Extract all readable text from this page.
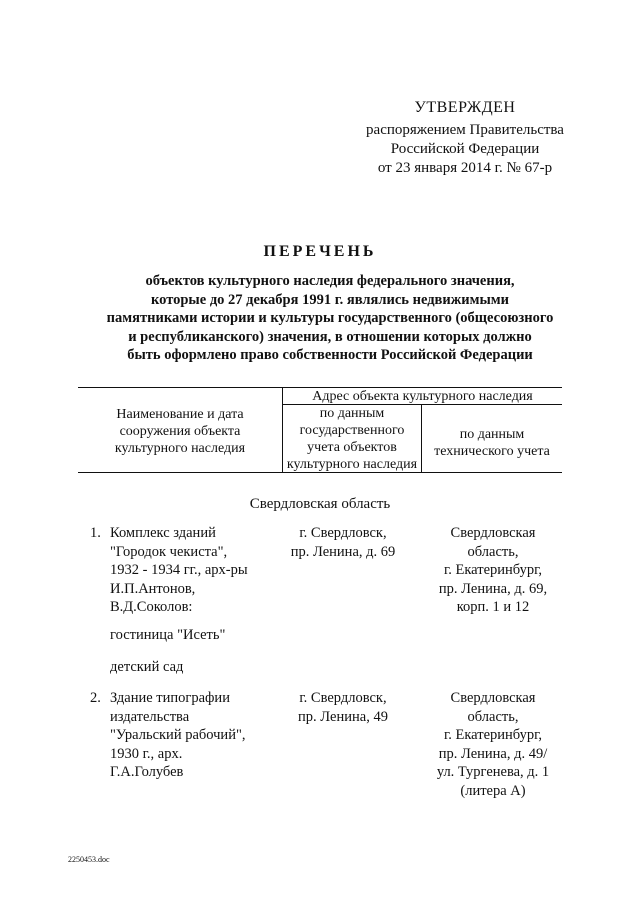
УТВЕРЖДЕН
распоряжением Правительства
Российской Федерации
от 23 января 2014 г. № 67-р
ПЕРЕЧЕНЬ
объектов культурного наследия федерального значения,
которые до 27 декабря 1991 г. являлись недвижимыми
памятниками истории и культуры государственного (общесоюзного
и республиканского) значения, в отношении которых должно
быть оформлено право собственности Российской Федерации
Адрес объекта культурного наследия
Наименование и дата
сооружения объекта
культурного наследия
по данным
государственного
учета объектов
культурного наследия
по данным
технического учета
Свердловская область
1. Комплекс зданий
"Городок чекиста",
1932 - 1934 гг., арх-ры
И.П.Антонов,
В.Д.Соколов:
гостиница "Исеть"
детский сад
г. Свердловск,
пр. Ленина, д. 69
Свердловская
область,
г. Екатеринбург,
пр. Ленина, д. 69,
корп. 1 и 12
2. Здание типографии
издательства
"Уральский рабочий",
1930 г., арх.
Г.А.Голубев
г. Свердловск,
пр. Ленина, 49
Свердловская
область,
г. Екатеринбург,
пр. Ленина, д. 49/
ул. Тургенева, д. 1
(литера А)
2250453.doc
